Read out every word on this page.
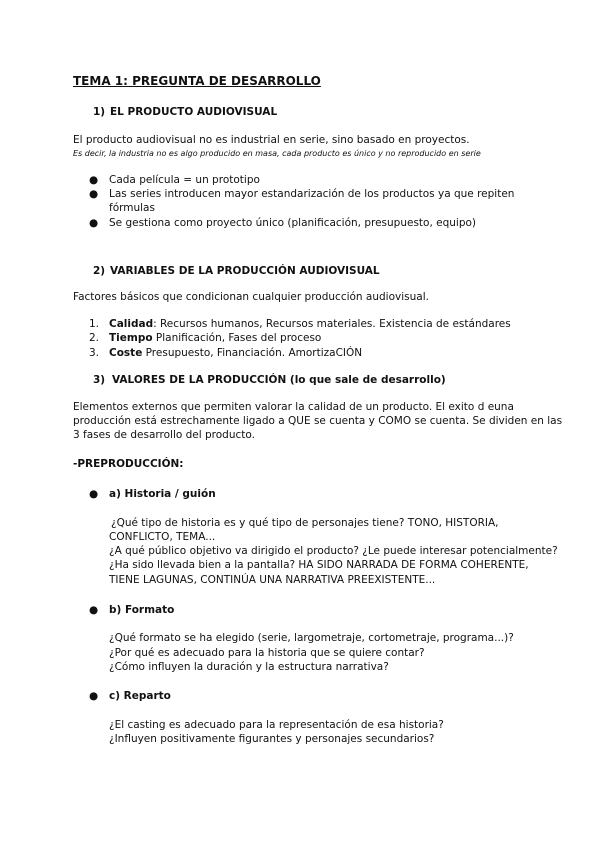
TEMA 1: PREGUNTA DE DESARROLLO
1) EL PRODUCTO AUDIOVISUAL
El producto audiovisual no es industrial en serie, sino basado en proyectos.
Es decir, la industria no es algo producido en masa, cada producto es único y no reproducido en serie
● Cada película = un prototipo
● Las series introducen mayor estandarización de los productos ya que repiten
fórmulas
● Se gestiona como proyecto único (planificación, presupuesto, equipo)
2) VARIABLES DE LA PRODUCCIÓN AUDIOVISUAL
Factores básicos que condicionan cualquier producción audiovisual.
1. Calidad: Recursos humanos, Recursos materiales. Existencia de estándares
2. Tiempo Planificación, Fases del proceso
3. Coste Presupuesto, Financiación. AmortizaCIÓN
3) VALORES DE LA PRODUCCIÓN (lo que sale de desarrollo)
Elementos externos que permiten valorar la calidad de un producto. El exito d euna
producción está estrechamente ligado a QUE se cuenta y COMO se cuenta. Se dividen en las
3 fases de desarrollo del producto.
-PREPRODUCCIÓN:
● a) Historia / guión
¿Qué tipo de historia es y qué tipo de personajes tiene? TONO, HISTORIA,
CONFLICTO, TEMA...
¿A qué público objetivo va dirigido el producto? ¿Le puede interesar potencialmente?
¿Ha sido llevada bien a la pantalla? HA SIDO NARRADA DE FORMA COHERENTE,
TIENE LAGUNAS, CONTINÚA UNA NARRATIVA PREEXISTENTE...
● b) Formato
¿Qué formato se ha elegido (serie, largometraje, cortometraje, programa...)?
¿Por qué es adecuado para la historia que se quiere contar?
¿Cómo influyen la duración y la estructura narrativa?
● c) Reparto
¿El casting es adecuado para la representación de esa historia?
¿Influyen positivamente figurantes y personajes secundarios?
